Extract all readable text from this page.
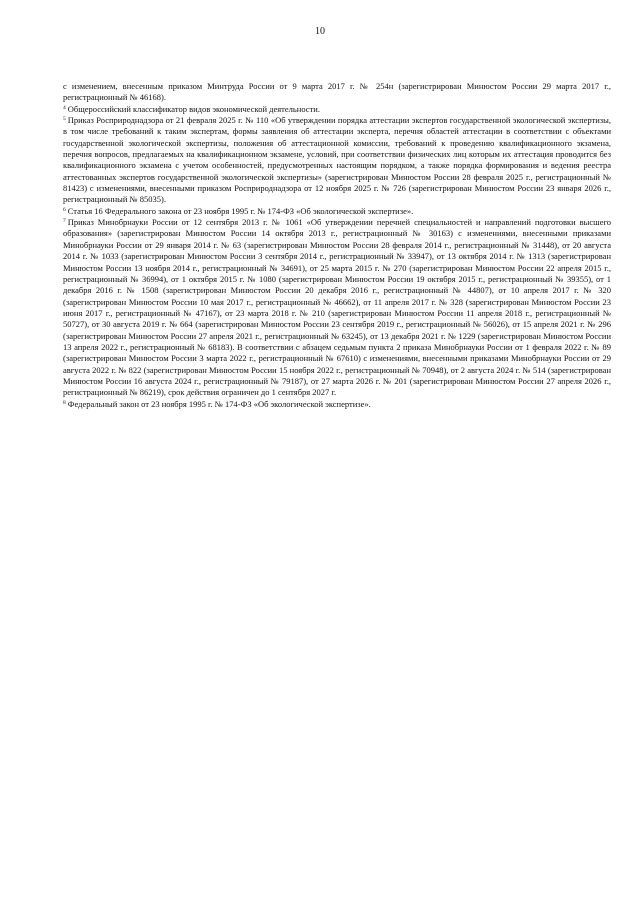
10

с изменением, внесенным приказом Минтруда России от 9 марта 2017 г. № 254н (зарегистрирован Минюстом России 29 марта 2017 г., регистрационный № 46168).

$^4$ Общероссийский классификатор видов экономической деятельности.

$^5$ Приказ Росприроднадзора от 21 февраля 2025 г. № 110 «Об утверждении порядка аттестации экспертов государственной экологической экспертизы, в том числе требований к таким экспертам, формы заявления об аттестации эксперта, перечня областей аттестации в соответствии с объектами государственной экологической экспертизы, положения об аттестационной комиссии, требований к проведению квалификационного экзамена, перечня вопросов, предлагаемых на квалификационном экзамене, условий, при соответствии физических лиц которым их аттестация проводится без квалификационного экзамена с учетом особенностей, предусмотренных настоящим порядком, а также порядка формирования и ведения реестра аттестованных экспертов государственной экологической экспертизы» (зарегистрирован Минюстом России 28 февраля 2025 г., регистрационный № 81423) с изменениями, внесенными приказом Росприроднадзора от 12 ноября 2025 г. № 726 (зарегистрирован Минюстом России 23 января 2026 г., регистрационный № 85035).

$^6$ Статья 16 Федерального закона от 23 ноября 1995 г. № 174-ФЗ «Об экологической экспертизе».

$^7$ Приказ Минобрнауки России от 12 сентября 2013 г. № 1061 «Об утверждении перечней специальностей и направлений подготовки высшего образования» (зарегистрирован Минюстом России 14 октября 2013 г., регистрационный № 30163) с изменениями, внесенными приказами Минобрнауки России от 29 января 2014 г. № 63 (зарегистрирован Минюстом России 28 февраля 2014 г., регистрационный № 31448), от 20 августа 2014 г. № 1033 (зарегистрирован Минюстом России 3 сентября 2014 г., регистрационный № 33947), от 13 октября 2014 г. № 1313 (зарегистрирован Минюстом России 13 ноября 2014 г., регистрационный № 34691), от 25 марта 2015 г. № 270 (зарегистрирован Минюстом России 22 апреля 2015 г., регистрационный № 36994), от 1 октября 2015 г. № 1080 (зарегистрирован Минюстом России 19 октября 2015 г., регистрационный № 39355), от 1 декабря 2016 г. № 1508 (зарегистрирован Минюстом России 20 декабря 2016 г., регистрационный № 44807), от 10 апреля 2017 г. № 320 (зарегистрирован Минюстом России 10 мая 2017 г., регистрационный № 46662), от 11 апреля 2017 г. № 328 (зарегистрирован Минюстом России 23 июня 2017 г., регистрационный № 47167), от 23 марта 2018 г. № 210 (зарегистрирован Минюстом России 11 апреля 2018 г., регистрационный № 50727), от 30 августа 2019 г. № 664 (зарегистрирован Минюстом России 23 сентября 2019 г., регистрационный № 56026), от 15 апреля 2021 г. № 296 (зарегистрирован Минюстом России 27 апреля 2021 г., регистрационный № 63245), от 13 декабря 2021 г. № 1229 (зарегистрирован Минюстом России 13 апреля 2022 г., регистрационный № 68183). В соответствии с абзацем седьмым пункта 2 приказа Минобрнауки России от 1 февраля 2022 г. № 89 (зарегистрирован Минюстом России 3 марта 2022 г., регистрационный № 67610) с изменениями, внесенными приказами Минобрнауки России от 29 августа 2022 г. № 822 (зарегистрирован Минюстом России 15 ноября 2022 г., регистрационный № 70948), от 2 августа 2024 г. № 514 (зарегистрирован Минюстом России 16 августа 2024 г., регистрационный № 79187), от 27 марта 2026 г. № 201 (зарегистрирован Минюстом России 27 апреля 2026 г., регистрационный № 86219), срок действия ограничен до 1 сентября 2027 г.

$^8$ Федеральный закон от 23 ноября 1995 г. № 174-ФЗ «Об экологической экспертизе».
